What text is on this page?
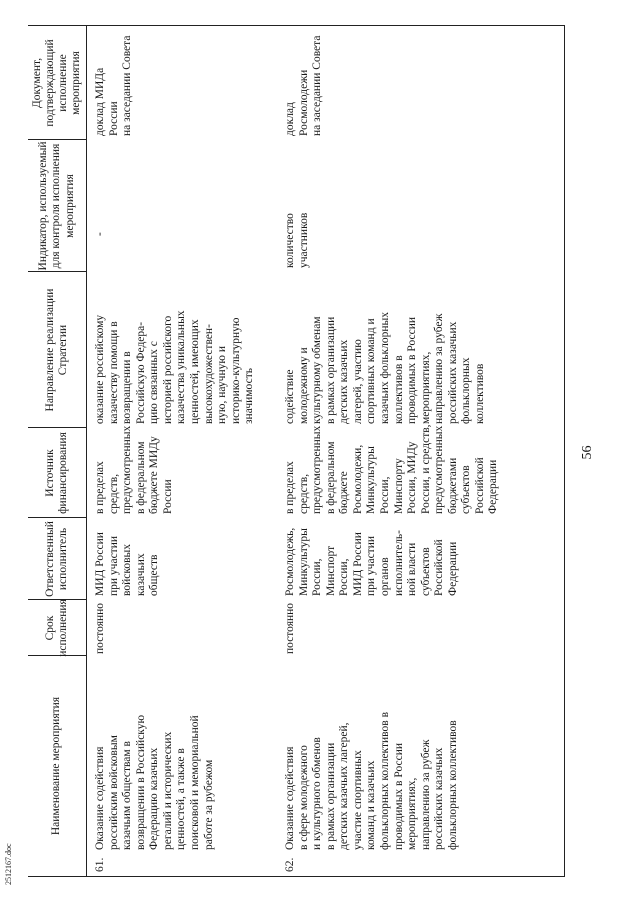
Наименование мероприятия
Срок исполнения
Ответственный исполнитель
Источник финансирования
Направление реализации Стратегии
Индикатор, используемый для контроля исполнения мероприятия
Документ, подтверждающий исполнение мероприятия
61.
Оказание содействия
российским войсковым
казачьим обществам в
возвращении в Российскую
Федерацию казачьих
регалий и исторических
ценностей, а также в
поисковой и мемориальной
работе за рубежом
постоянно
МИД России
при участии
войсковых
казачьих
обществ
в пределах
средств,
предусмотренных
в федеральном
бюджете МИДу
России
оказание российскому
казачеству помощи в
возвращении в
Российскую Федера-
цию связанных с
историей российского
казачества уникальных
ценностей, имеющих
высокохудожествен-
ную, научную и
историко-культурную
значимость
-
доклад МИДа
России
на заседании Совета
62.
Оказание содействия
в сфере молодежного
и культурного обменов
в рамках организации
детских казачьих лагерей,
участие спортивных
команд и казачьих
фольклорных коллективов в
проводимых в России
мероприятиях,
направлению за рубеж
российских казачьих
фольклорных коллективов
постоянно
Росмолодежь,
Минкультуры
России,
Минспорт
России,
МИД России
при участии
органов
исполнитель-
ной власти
субъектов
Российской
Федерации
в пределах
средств,
предусмотренных
в федеральном
бюджете
Росмолодежи,
Минкультуры
России,
Минспорту
России, МИДу
России, и средств,
предусмотренных
бюджетами
субъектов
Российской
Федерации
содействие
молодежному и
культурному обменам
в рамках организации
детских казачьих
лагерей, участию
спортивных команд и
казачьих фольклорных
коллективов в
проводимых в России
мероприятиях,
направлению за рубеж
российских казачьих
фольклорных
коллективов
количество
участников
доклад
Росмолодежи
на заседании Совета
56
2512167.doc
